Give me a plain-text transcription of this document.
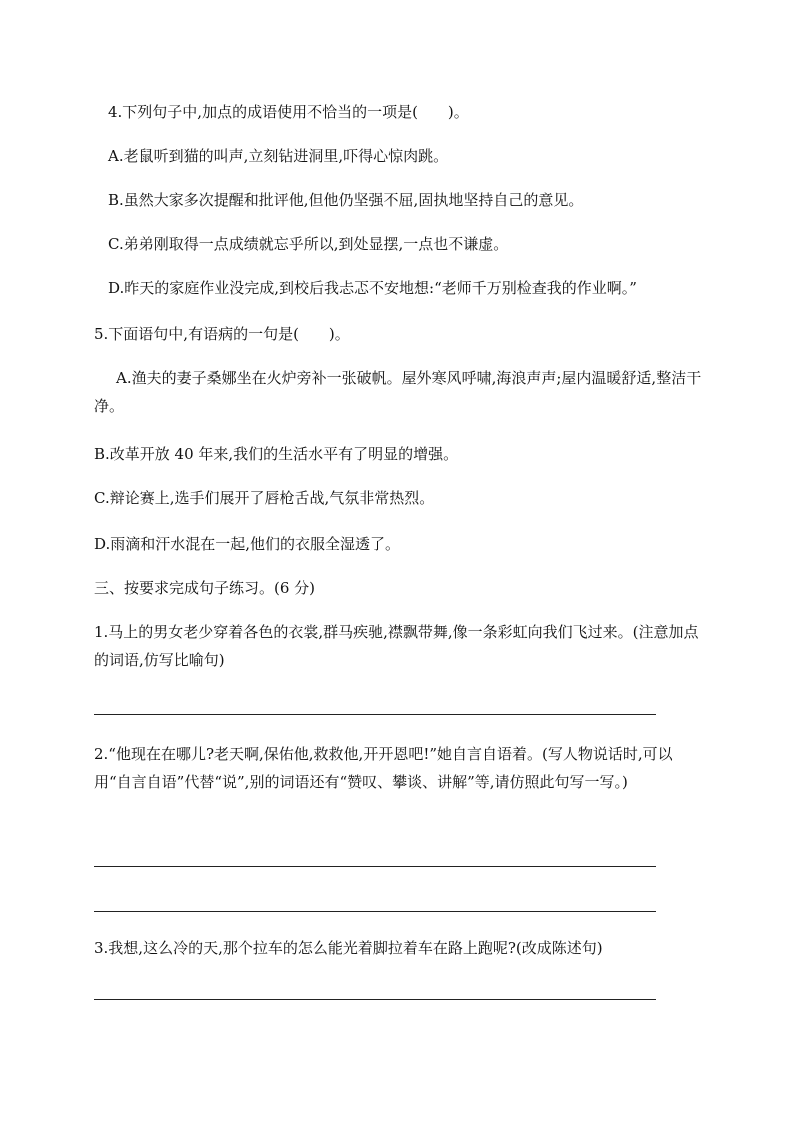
4.下列句子中,加点的成语使用不恰当的一项是(　　)。
A.老鼠听到猫的叫声,立刻钻进洞里,吓得心惊肉跳。
B.虽然大家多次提醒和批评他,但他仍坚强不屈,固执地坚持自己的意见。
C.弟弟刚取得一点成绩就忘乎所以,到处显摆,一点也不谦虚。
D.昨天的家庭作业没完成,到校后我忐忑不安地想:“老师千万别检查我的作业啊。”
5.下面语句中,有语病的一句是(　　)。
A.渔夫的妻子桑娜坐在火炉旁补一张破帆。屋外寒风呼啸,海浪声声;屋内温暖舒适,整洁干净。
B.改革开放 40 年来,我们的生活水平有了明显的增强。
C.辩论赛上,选手们展开了唇枪舌战,气氛非常热烈。
D.雨滴和汗水混在一起,他们的衣服全湿透了。
三、按要求完成句子练习。(6 分)
1.马上的男女老少穿着各色的衣裳,群马疾驰,襟飘带舞,像一条彩虹向我们飞过来。(注意加点的词语,仿写比喻句)
2.“他现在在哪儿?老天啊,保佑他,救救他,开开恩吧!”她自言自语着。(写人物说话时,可以用“自言自语”代替“说”,别的词语还有“赞叹、攀谈、讲解”等,请仿照此句写一写。)
3.我想,这么冷的天,那个拉车的怎么能光着脚拉着车在路上跑呢?(改成陈述句)
